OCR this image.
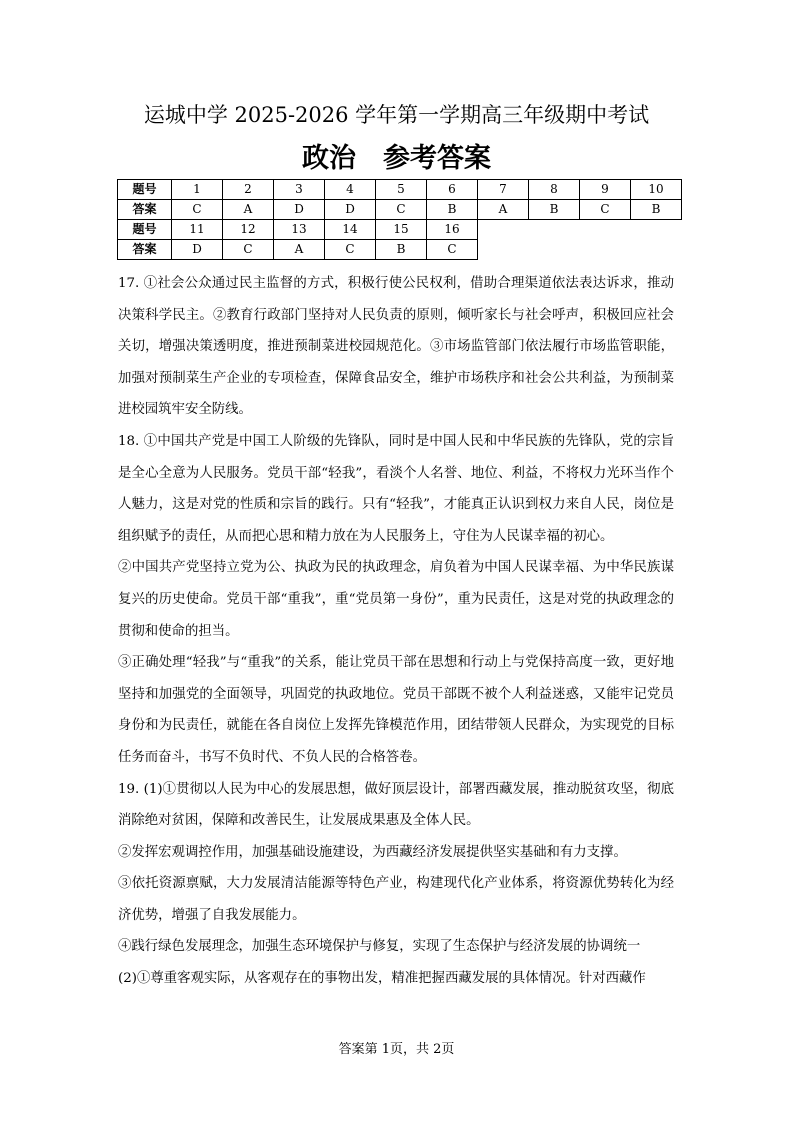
运城中学 2025-2026 学年第一学期高三年级期中考试
政治　参考答案
题号	1	2	3	4	5	6	7	8	9	10
答案	C	A	D	D	C	B	A	B	C	B
题号	11	12	13	14	15	16				
答案	D	C	A	C	B	C				

17. ①社会公众通过民主监督的方式，积极行使公民权利，借助合理渠道依法表达诉求，推动决策科学民主。②教育行政部门坚持对人民负责的原则，倾听家长与社会呼声，积极回应社会关切，增强决策透明度，推进预制菜进校园规范化。③市场监管部门依法履行市场监管职能，加强对预制菜生产企业的专项检查，保障食品安全，维护市场秩序和社会公共利益，为预制菜进校园筑牢安全防线。

18. ①中国共产党是中国工人阶级的先锋队，同时是中国人民和中华民族的先锋队，党的宗旨是全心全意为人民服务。党员干部“轻我”，看淡个人名誉、地位、利益，不将权力光环当作个人魅力，这是对党的性质和宗旨的践行。只有“轻我”，才能真正认识到权力来自人民，岗位是组织赋予的责任，从而把心思和精力放在为人民服务上，守住为人民谋幸福的初心。

②中国共产党坚持立党为公、执政为民的执政理念，肩负着为中国人民谋幸福、为中华民族谋复兴的历史使命。党员干部“重我”，重“党员第一身份”，重为民责任，这是对党的执政理念的贯彻和使命的担当。

③正确处理“轻我”与“重我”的关系，能让党员干部在思想和行动上与党保持高度一致，更好地坚持和加强党的全面领导，巩固党的执政地位。党员干部既不被个人利益迷惑，又能牢记党员身份和为民责任，就能在各自岗位上发挥先锋模范作用，团结带领人民群众，为实现党的目标任务而奋斗，书写不负时代、不负人民的合格答卷。

19. (1)①贯彻以人民为中心的发展思想，做好顶层设计，部署西藏发展，推动脱贫攻坚，彻底消除绝对贫困，保障和改善民生，让发展成果惠及全体人民。

②发挥宏观调控作用，加强基础设施建设，为西藏经济发展提供坚实基础和有力支撑。

③依托资源禀赋，大力发展清洁能源等特色产业，构建现代化产业体系，将资源优势转化为经济优势，增强了自我发展能力。

④践行绿色发展理念，加强生态环境保护与修复，实现了生态保护与经济发展的协调统一

(2)①尊重客观实际，从客观存在的事物出发，精准把握西藏发展的具体情况。针对西藏作

答案第 1页，共 2页
